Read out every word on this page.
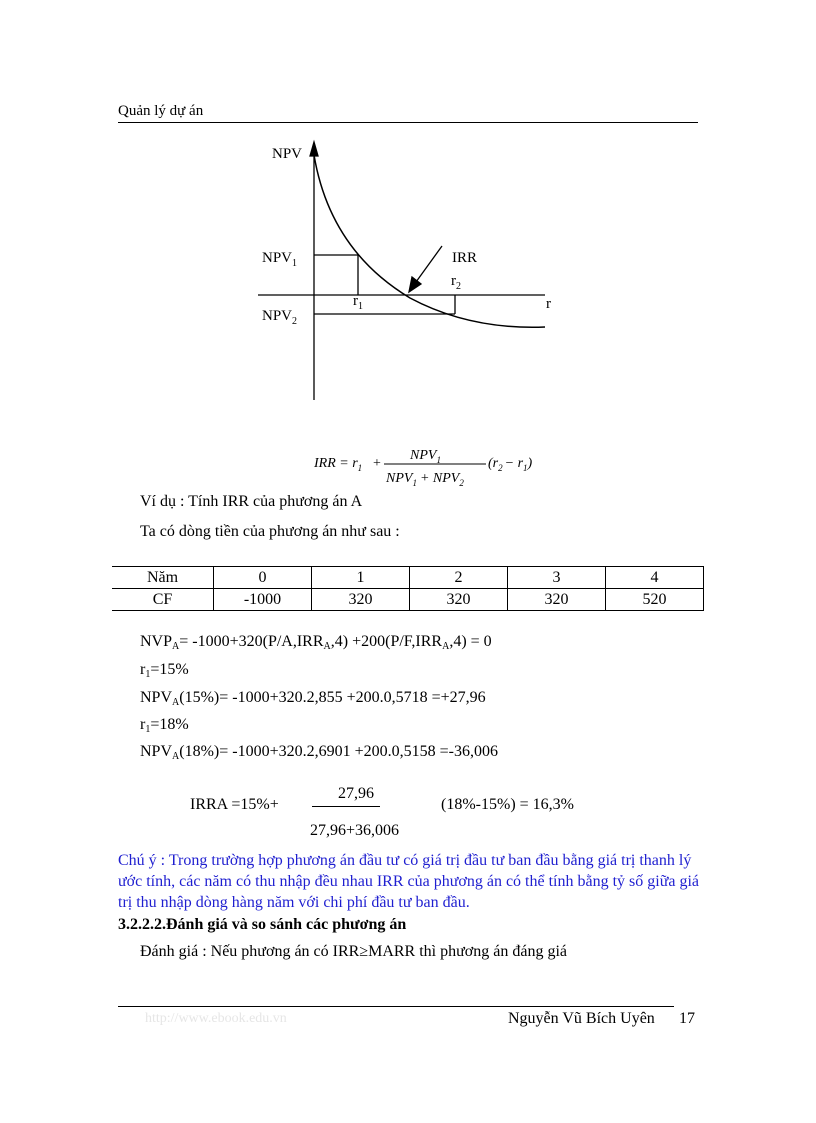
Quản lý dự án
NPV
r
$NPV_1$
$NPV_2$
$r_1$
$r_2$
IRR
IRR = $r_1$ +
$NPV_1$
$NPV_1 + NPV_2$
$(r_2 - r_1)$
Ví dụ : Tính IRR của phương án A
Ta có dòng tiền của phương án như sau :
Năm	0	1	2	3	4
CF	-1000	320	320	320	520
$NVP_A= -1000+320(P/A,IRR_A,4) +200(P/F,IRR_A,4) = 0$
$r_1=15\%$
$NPV_A(15\%)= -1000+320.2,855 +200.0,5718 =+27,96$
$r_1=18\%$
$NPV_A(18\%)= -1000+320.2,6901 +200.0,5158 =-36,006$
IRRA =15%+
27,96
27,96+36,006
(18%-15%) = 16,3%
Chú ý : Trong trường hợp phương án đầu tư có giá trị đầu tư ban đầu bằng giá trị thanh lý ước tính, các năm có thu nhập đều nhau IRR của phương án có thể tính bằng tỷ số giữa giá trị thu nhập dòng hàng năm với chi phí đầu tư ban đầu.
3.2.2.2.Đánh giá và so sánh các phương án
Đánh giá : Nếu phương án có IRR≥MARR thì phương án đáng giá
http://www.ebook.edu.vn	Nguyễn Vũ Bích Uyên 17
